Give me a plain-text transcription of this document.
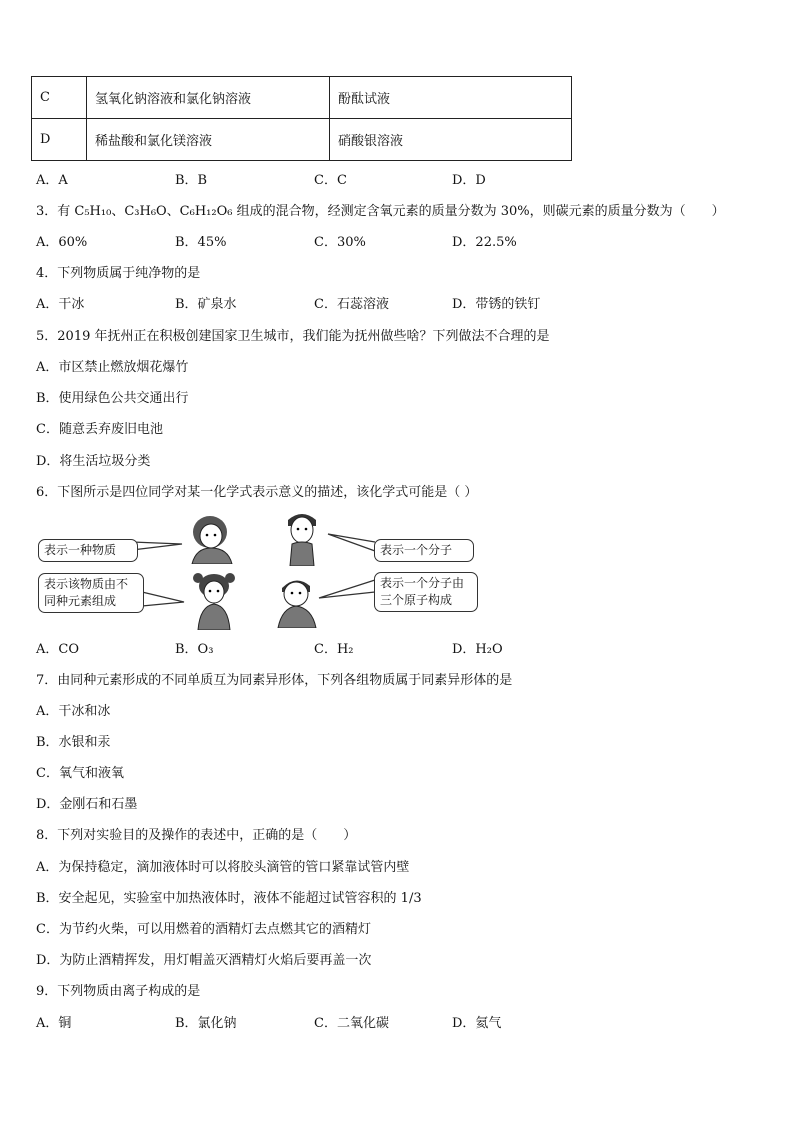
C	氢氧化钠溶液和氯化钠溶液	酚酞试液
D	稀盐酸和氯化镁溶液	硝酸银溶液
A．A	B．B	C．C	D．D
3．有 C₅H₁₀、C₃H₆O、C₆H₁₂O₆ 组成的混合物，经测定含氧元素的质量分数为 30%，则碳元素的质量分数为（　　）
A．60%	B．45%	C．30%	D．22.5%
4．下列物质属于纯净物的是
A．干冰	B．矿泉水	C．石蕊溶液	D．带锈的铁钉
5．2019 年抚州正在积极创建国家卫生城市，我们能为抚州做些啥？下列做法不合理的是
A．市区禁止燃放烟花爆竹
B．使用绿色公共交通出行
C．随意丢弃废旧电池
D．将生活垃圾分类
6．下图所示是四位同学对某一化学式表示意义的描述，该化学式可能是（ ）
表示一种物质	表示一个分子
表示该物质由不同种元素组成
表示一个分子由三个原子构成
A．CO	B．O₃	C．H₂	D．H₂O
7．由同种元素形成的不同单质互为同素异形体，下列各组物质属于同素异形体的是
A．干冰和冰
B．水银和汞
C．氧气和液氧
D．金刚石和石墨
8．下列对实验目的及操作的表述中，正确的是（　　）
A．为保持稳定，滴加液体时可以将胶头滴管的管口紧靠试管内壁
B．安全起见，实验室中加热液体时，液体不能超过试管容积的 1/3
C．为节约火柴，可以用燃着的酒精灯去点燃其它的酒精灯
D．为防止酒精挥发，用灯帽盖灭酒精灯火焰后要再盖一次
9．下列物质由离子构成的是
A．铜	B．氯化钠	C．二氧化碳	D．氦气
